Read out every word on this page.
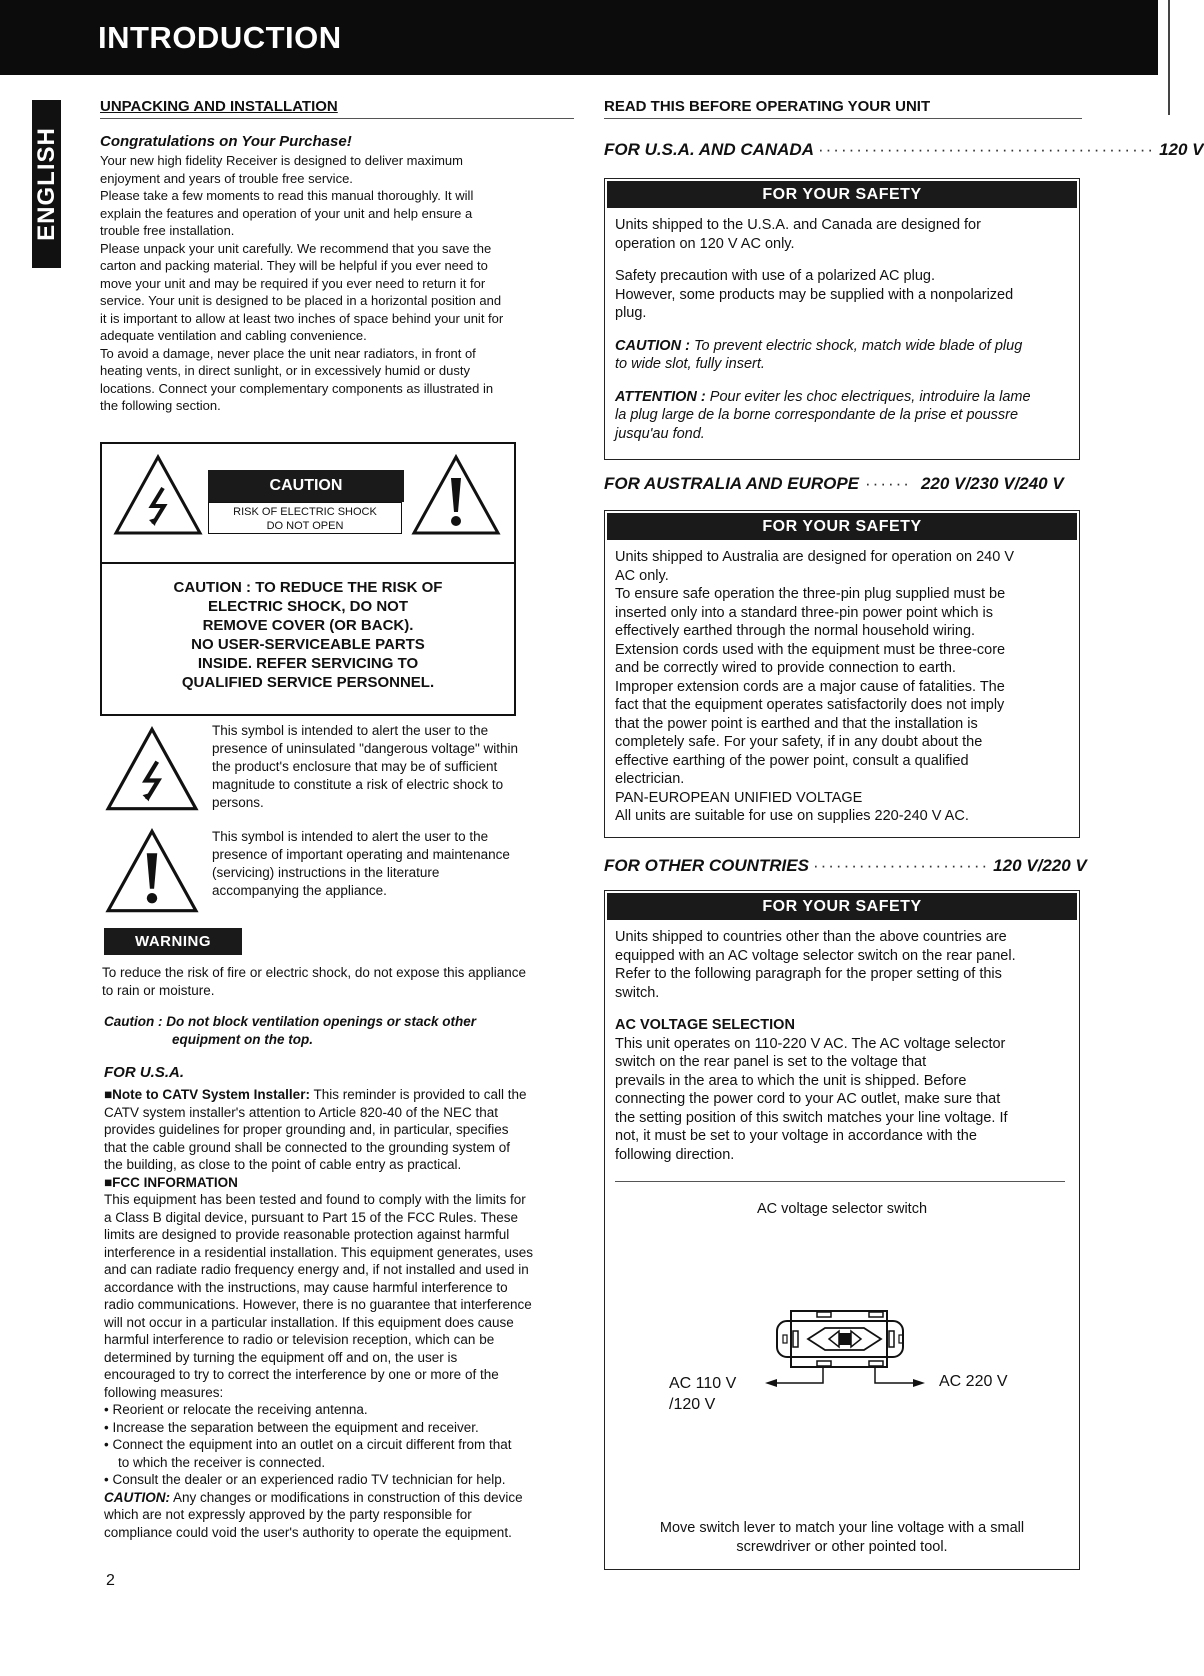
INTRODUCTION
ENGLISH
UNPACKING AND INSTALLATION
Congratulations on Your Purchase!
Your new high fidelity Receiver is designed to deliver maximum
enjoyment and years of trouble free service.
Please take a few moments to read this manual thoroughly. It will
explain the features and operation of your unit and help ensure a
trouble free installation.
Please unpack your unit carefully. We recommend that you save the
carton and packing material. They will be helpful if you ever need to
move your unit and may be required if you ever need to return it for
service. Your unit is designed to be placed in a horizontal position and
it is important to allow at least two inches of space behind your unit for
adequate ventilation and cabling convenience.
To avoid a damage, never place the unit near radiators, in front of
heating vents, in direct sunlight, or in excessively humid or dusty
locations. Connect your complementary components as illustrated in
the following section.
CAUTION
RISK OF ELECTRIC SHOCK
DO NOT OPEN
CAUTION : TO REDUCE THE RISK OF
ELECTRIC SHOCK, DO NOT
REMOVE COVER (OR BACK).
NO USER-SERVICEABLE PARTS
INSIDE. REFER SERVICING TO
QUALIFIED SERVICE PERSONNEL.
This symbol is intended to alert the user to the
presence of uninsulated "dangerous voltage" within
the product's enclosure that may be of sufficient
magnitude to constitute a risk of electric shock to
persons.
This symbol is intended to alert the user to the
presence of important operating and maintenance
(servicing) instructions in the literature
accompanying the appliance.
WARNING
To reduce the risk of fire or electric shock, do not expose this appliance
to rain or moisture.
Caution : Do not block ventilation openings or stack other
equipment on the top.
FOR U.S.A.
■Note to CATV System Installer: This reminder is provided to call the
CATV system installer's attention to Article 820-40 of the NEC that
provides guidelines for proper grounding and, in particular, specifies
that the cable ground shall be connected to the grounding system of
the building, as close to the point of cable entry as practical.
■FCC INFORMATION
This equipment has been tested and found to comply with the limits for
a Class B digital device, pursuant to Part 15 of the FCC Rules. These
limits are designed to provide reasonable protection against harmful
interference in a residential installation. This equipment generates, uses
and can radiate radio frequency energy and, if not installed and used in
accordance with the instructions, may cause harmful interference to
radio communications. However, there is no guarantee that interference
will not occur in a particular installation. If this equipment does cause
harmful interference to radio or television reception, which can be
determined by turning the equipment off and on, the user is
encouraged to try to correct the interference by one or more of the
following measures:
• Reorient or relocate the receiving antenna.
• Increase the separation between the equipment and receiver.
• Connect the equipment into an outlet on a circuit different from that
to which the receiver is connected.
• Consult the dealer or an experienced radio TV technician for help.
CAUTION: Any changes or modifications in construction of this device
which are not expressly approved by the party responsible for
compliance could void the user's authority to operate the equipment.
2
READ THIS BEFORE OPERATING YOUR UNIT
FOR U.S.A. AND CANADA ············································ 120 V
FOR YOUR SAFETY

Units shipped to the U.S.A. and Canada are designed for
operation on 120 V AC only.

Safety precaution with use of a polarized AC plug.
However, some products may be supplied with a nonpolarized
plug.

CAUTION : To prevent electric shock, match wide blade of plug
to wide slot, fully insert.

ATTENTION : Pour eviter les choc electriques, introduire la lame
la plug large de la borne correspondante de la prise et poussre
jusqu'au fond.

FOR AUSTRALIA AND EUROPE ······ 220 V/230 V/240 V
FOR YOUR SAFETY
Units shipped to Australia are designed for operation on 240 V
AC only.
To ensure safe operation the three-pin plug supplied must be
inserted only into a standard three-pin power point which is
effectively earthed through the normal household wiring.
Extension cords used with the equipment must be three-core
and be correctly wired to provide connection to earth.
Improper extension cords are a major cause of fatalities. The
fact that the equipment operates satisfactorily does not imply
that the power point is earthed and that the installation is
completely safe. For your safety, if in any doubt about the
effective earthing of the power point, consult a qualified
electrician.
PAN-EUROPEAN UNIFIED VOLTAGE
All units are suitable for use on supplies 220-240 V AC.
FOR OTHER COUNTRIES ······················· 120 V/220 V
FOR YOUR SAFETY

Units shipped to countries other than the above countries are
equipped with an AC voltage selector switch on the rear panel.
Refer to the following paragraph for the proper setting of this
switch.

AC VOLTAGE SELECTION
This unit operates on 110-220 V AC. The AC voltage selector
switch on the rear panel is set to the voltage that
prevails in the area to which the unit is shipped. Before
connecting the power cord to your AC outlet, make sure that
the setting position of this switch matches your line voltage. If
not, it must be set to your voltage in accordance with the
following direction.
AC voltage selector switch
AC 110 V
/120 V
AC 220 V
Move switch lever to match your line voltage with a small
screwdriver or other pointed tool.
